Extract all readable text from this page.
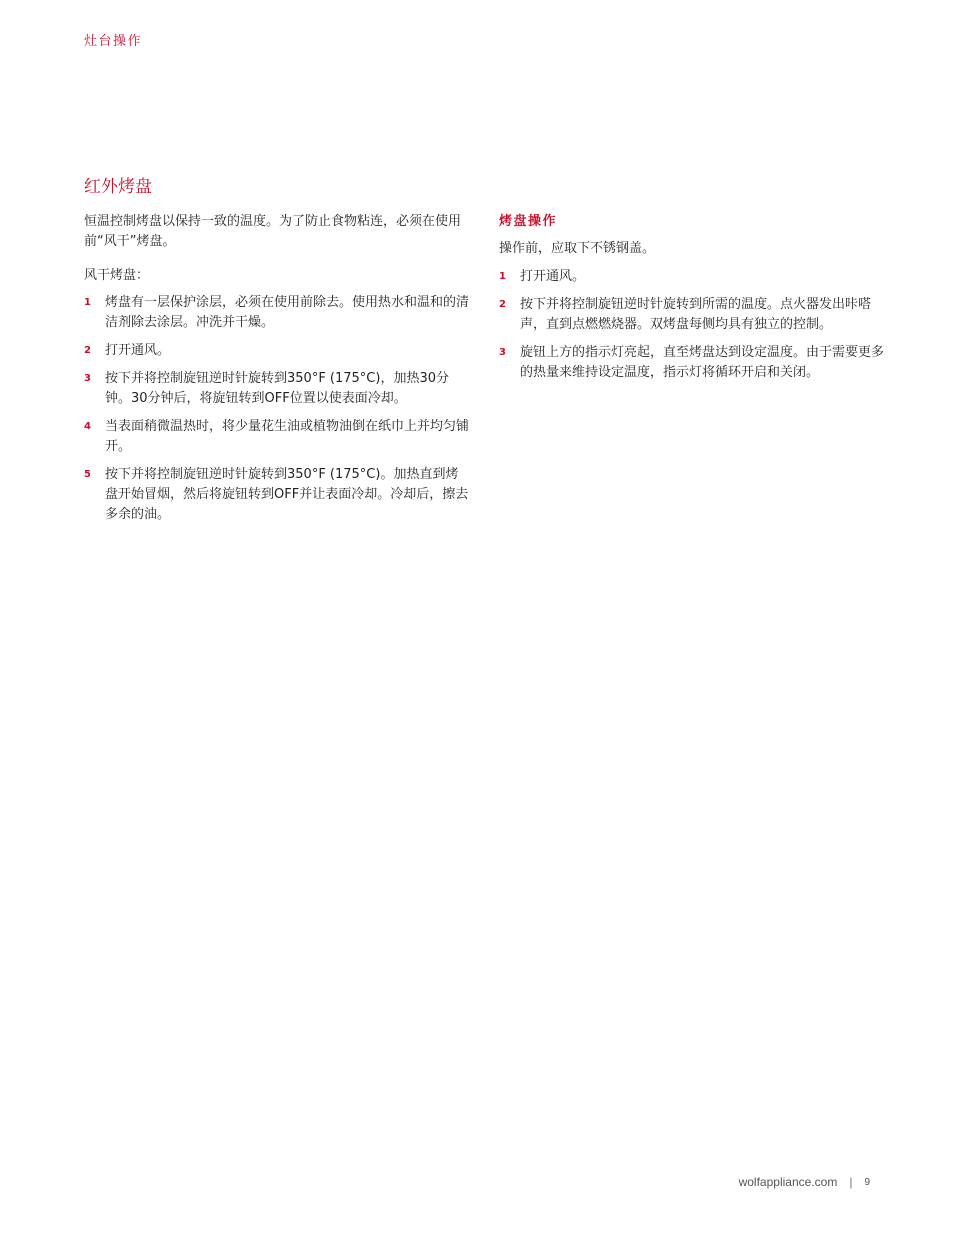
灶台操作
红外烤盘

恒温控制烤盘以保持一致的温度。为了防止食物粘连，必须在使用前“风干”烤盘。

风干烤盘：

1	烤盘有一层保护涂层，必须在使用前除去。使用热水和温和的清洁剂除去涂层。冲洗并干燥。
2	打开通风。
3	按下并将控制旋钮逆时针旋转到350°F (175°C)，加热30分钟。30分钟后，将旋钮转到OFF位置以使表面冷却。
4	当表面稍微温热时，将少量花生油或植物油倒在纸巾上并均匀铺开。
5	按下并将控制旋钮逆时针旋转到350°F (175°C)。加热直到烤盘开始冒烟，然后将旋钮转到OFF并让表面冷却。冷却后，擦去多余的油。
烤盘操作

操作前，应取下不锈钢盖。

1	打开通风。
2	按下并将控制旋钮逆时针旋转到所需的温度。点火器发出咔嗒声，直到点燃燃烧器。双烤盘每侧均具有独立的控制。
3	旋钮上方的指示灯亮起，直至烤盘达到设定温度。由于需要更多的热量来维持设定温度，指示灯将循环开启和关闭。
wolfappliance.com | 9
